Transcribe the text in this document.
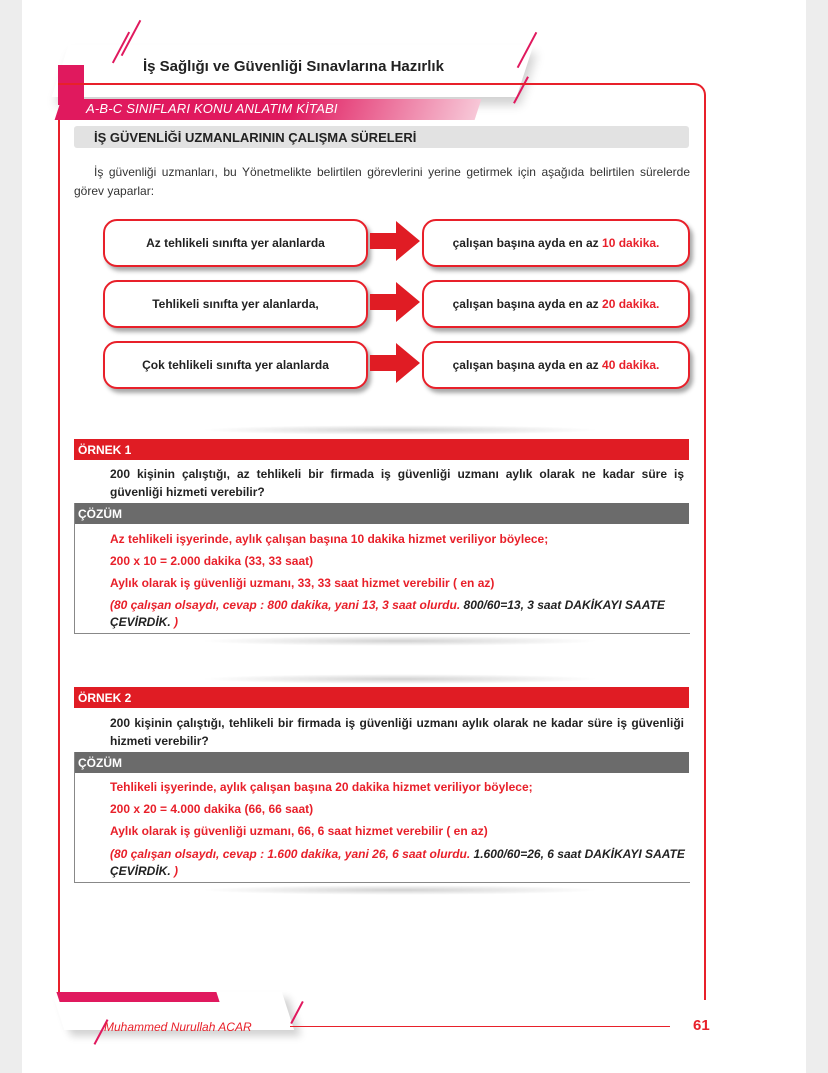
İş Sağlığı ve Güvenliği Sınavlarına Hazırlık
A-B-C SINIFLARI KONU ANLATIM KİTABI
İŞ GÜVENLİĞİ UZMANLARININ ÇALIŞMA SÜRELERİ
İş güvenliği uzmanları, bu Yönetmelikte belirtilen görevlerini yerine getirmek için aşağıda belirtilen sürelerde görev yaparlar:
Az tehlikeli sınıfta yer alanlarda	çalışan başına ayda en az
10 dakika.
Tehlikeli sınıfta yer alanlarda,	çalışan başına ayda en az
20 dakika.
Çok tehlikeli sınıfta yer alanlarda	çalışan başına ayda en az
40 dakika.
ÖRNEK 1
200 kişinin çalıştığı, az tehlikeli bir firmada iş güvenliği uzmanı aylık olarak ne kadar süre iş güvenliği hizmeti verebilir?
ÇÖZÜM
Az tehlikeli işyerinde, aylık çalışan başına 10 dakika hizmet veriliyor böylece;
200 x 10 = 2.000 dakika (33, 33 saat)
Aylık olarak iş güvenliği uzmanı, 33, 33 saat hizmet verebilir ( en az)
(80 çalışan olsaydı, cevap : 800 dakika, yani 13, 3 saat olurdu. 800/60=13, 3 saat DAKİKAYI SAATE ÇEVİRDİK. )
ÖRNEK 2
200 kişinin çalıştığı, tehlikeli bir firmada iş güvenliği uzmanı aylık olarak ne kadar süre iş güvenliği hizmeti verebilir?
ÇÖZÜM
Tehlikeli işyerinde, aylık çalışan başına 20 dakika hizmet veriliyor böylece;
200 x 20 = 4.000 dakika (66, 66 saat)
Aylık olarak iş güvenliği uzmanı, 66, 6 saat hizmet verebilir ( en az)
(80 çalışan olsaydı, cevap : 1.600 dakika, yani 26, 6 saat olurdu. 1.600/60=26, 6 saat DAKİKAYI SAATE ÇEVİRDİK. )
Muhammed Nurullah ACAR	61
